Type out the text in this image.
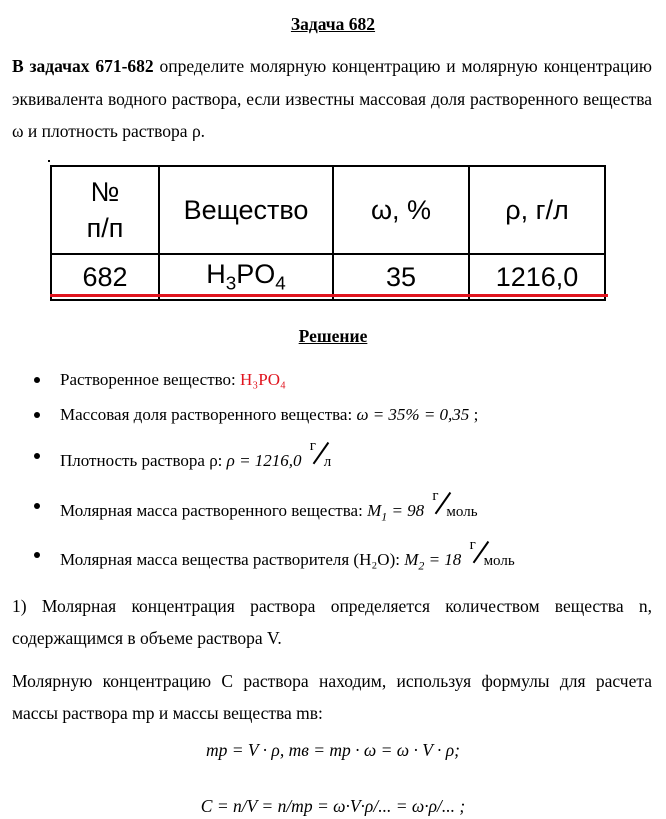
Задача 682
В задачах 671-682 определите молярную концентрацию и молярную концентрацию эквивалента водного раствора, если известны массовая доля растворенного вещества ω и плотность раствора ρ.
№
п/п	Вещество	ω, %	ρ, г/л
682	$H_3PO_4$	35	1216,0
Решение
Растворенное вещество: H₃PO₄
Массовая доля растворенного вещества: ω = 35% = 0,35 ;
Плотность раствора ρ: ρ = 1216,0
г
л
Молярная масса растворенного вещества: $M_1 = 98$
г
моль
Молярная масса вещества растворителя (H₂O): $M_2 = 18$
г
моль
1) Молярная концентрация раствора определяется количеством вещества n, содержащимся в объеме раствора V.
Молярную концентрацию С раствора находим, используя формулы для расчета массы раствора mр и массы вещества mв:
mр = V · ρ, mв = mр · ω = ω · V · ρ;
C = n/V = n/mр = ω·V·ρ/... = ω·ρ/... ;
